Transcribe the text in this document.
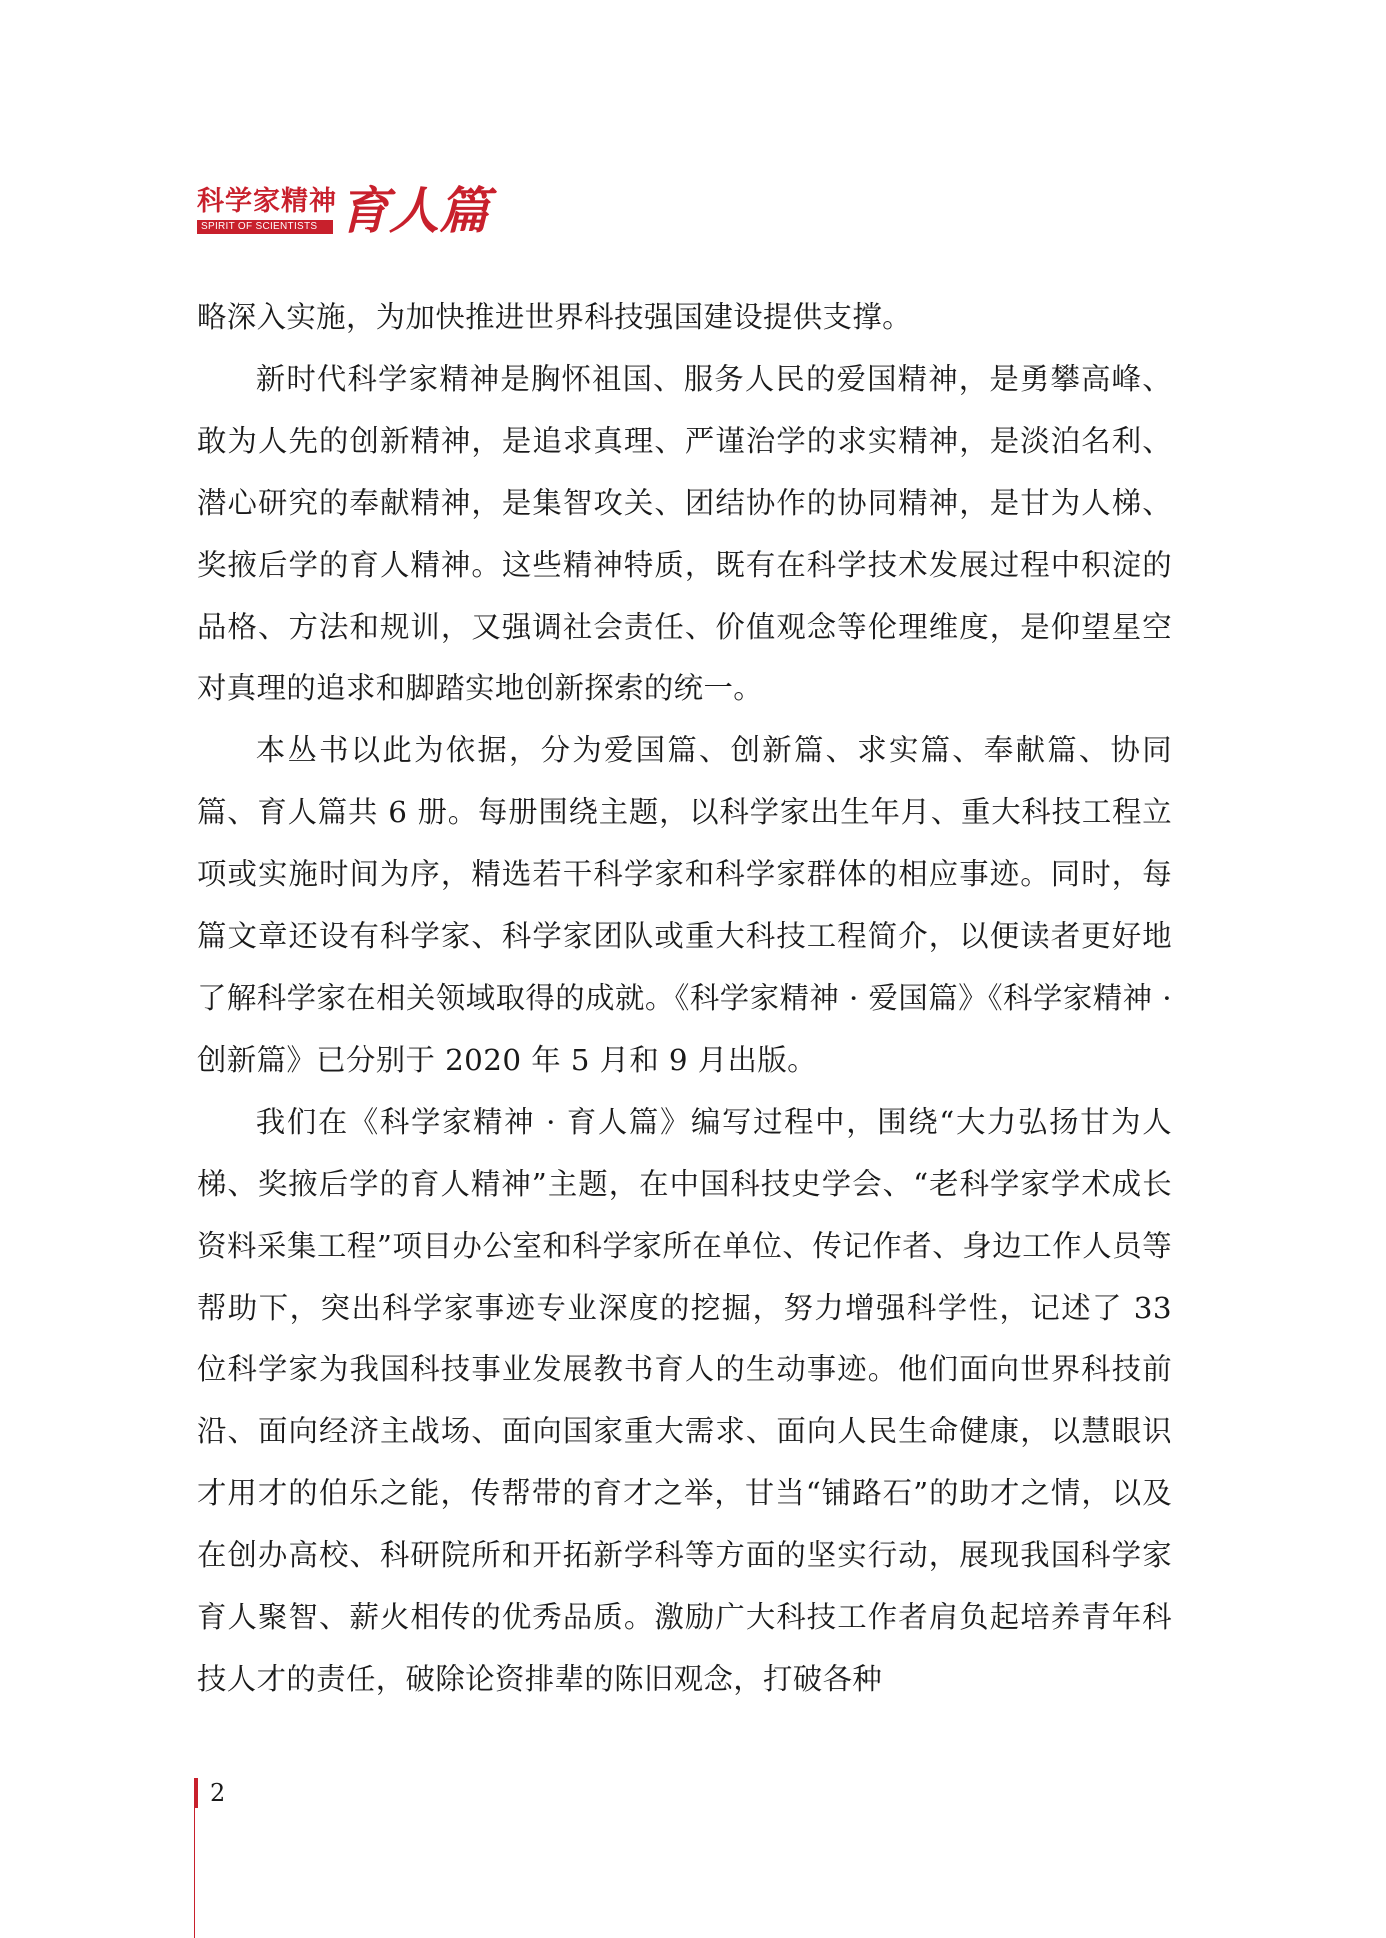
科学家精神
SPIRIT OF SCIENTISTS 育人篇

略深入实施，为加快推进世界科技强国建设提供支撑。

新时代科学家精神是胸怀祖国、服务人民的爱国精神，是勇攀高峰、敢为人先的创新精神，是追求真理、严谨治学的求实精神，是淡泊名利、潜心研究的奉献精神，是集智攻关、团结协作的协同精神，是甘为人梯、奖掖后学的育人精神。这些精神特质，既有在科学技术发展过程中积淀的品格、方法和规训，又强调社会责任、价值观念等伦理维度，是仰望星空对真理的追求和脚踏实地创新探索的统一。

本丛书以此为依据，分为爱国篇、创新篇、求实篇、奉献篇、协同篇、育人篇共 6 册。每册围绕主题，以科学家出生年月、重大科技工程立项或实施时间为序，精选若干科学家和科学家群体的相应事迹。同时，每篇文章还设有科学家、科学家团队或重大科技工程简介，以便读者更好地了解科学家在相关领域取得的成就。《科学家精神 · 爱国篇》《科学家精神 · 创新篇》已分别于 2020 年 5 月和 9 月出版。

我们在《科学家精神 · 育人篇》编写过程中，围绕“大力弘扬甘为人梯、奖掖后学的育人精神”主题，在中国科技史学会、“老科学家学术成长资料采集工程”项目办公室和科学家所在单位、传记作者、身边工作人员等帮助下，突出科学家事迹专业深度的挖掘，努力增强科学性，记述了 33 位科学家为我国科技事业发展教书育人的生动事迹。他们面向世界科技前沿、面向经济主战场、面向国家重大需求、面向人民生命健康，以慧眼识才用才的伯乐之能，传帮带的育才之举，甘当“铺路石”的助才之情，以及在创办高校、科研院所和开拓新学科等方面的坚实行动，展现我国科学家育人聚智、薪火相传的优秀品质。激励广大科技工作者肩负起培养青年科技人才的责任，破除论资排辈的陈旧观念，打破各种

2
